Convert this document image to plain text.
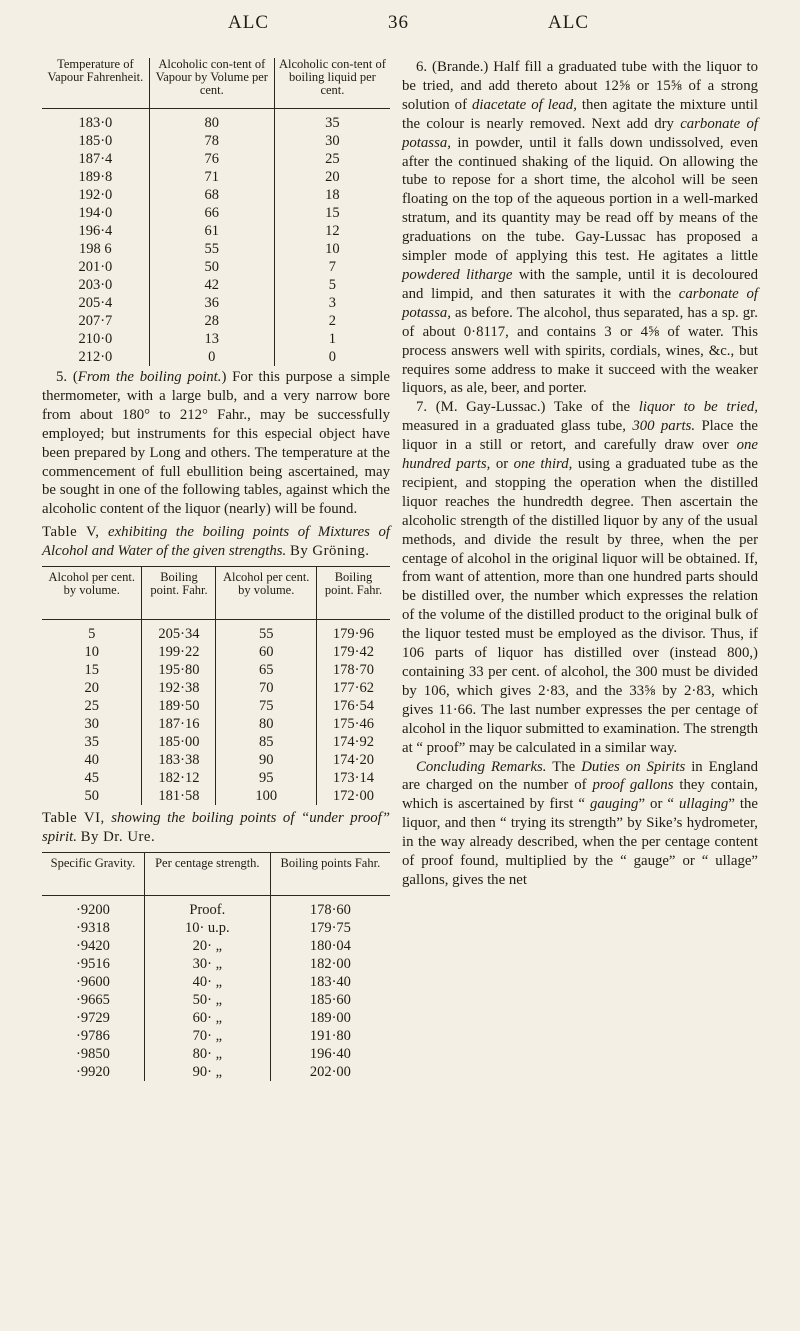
ALC	36	ALC
Temperature of Vapour Fahrenheit.	Alcoholic con-tent of Vapour by Volume per cent.	Alcoholic con-tent of boiling liquid per cent.
183·0	80	35
185·0	78	30
187·4	76	25
189·8	71	20
192·0	68	18
194·0	66	15
196·4	61	12
198 6	55	10
201·0	50	7
203·0	42	5
205·4	36	3
207·7	28	2
210·0	13	1
212·0	0	0

5. (From the boiling point.) For this purpose a simple thermometer, with a large bulb, and a very narrow bore from about 180° to 212° Fahr., may be successfully employed; but instruments for this especial object have been prepared by Long and others. The temperature at the commencement of full ebullition being ascertained, may be sought in one of the following tables, against which the alcoholic content of the liquor (nearly) will be found.

Table V, exhibiting the boiling points of Mixtures of Alcohol and Water of the given strengths. By Gröning.

Alcohol per cent. by volume.	Boiling point. Fahr.	Alcohol per cent. by volume.	Boiling point. Fahr.
5	205·34	55	179·96
10	199·22	60	179·42
15	195·80	65	178·70
20	192·38	70	177·62
25	189·50	75	176·54
30	187·16	80	175·46
35	185·00	85	174·92
40	183·38	90	174·20
45	182·12	95	173·14
50	181·58	100	172·00

Table VI, showing the boiling points of “under proof” spirit. By Dr. Ure.

Specific Gravity.	Per centage strength.	Boiling points Fahr.
·9200	Proof.	178·60
·9318	10· u.p.	179·75
·9420	20· „	180·04
·9516	30· „	182·00
·9600	40· „	183·40
·9665	50· „	185·60
·9729	60· „	189·00
·9786	70· „	191·80
·9850	80· „	196·40
·9920	90· „	202·00

6. (Brande.) Half fill a graduated tube with the liquor to be tried, and add thereto about 12⅝ or 15⅝ of a strong solution of diacetate of lead, then agitate the mixture until the colour is nearly removed. Next add dry carbonate of potassa, in powder, until it falls down undissolved, even after the continued shaking of the liquid. On allowing the tube to repose for a short time, the alcohol will be seen floating on the top of the aqueous portion in a well-marked stratum, and its quantity may be read off by means of the graduations on the tube. Gay-Lussac has proposed a simpler mode of applying this test. He agitates a little powdered litharge with the sample, until it is decoloured and limpid, and then saturates it with the carbonate of potassa, as before. The alcohol, thus separated, has a sp. gr. of about 0·8117, and contains 3 or 4⅝ of water. This process answers well with spirits, cordials, wines, &c., but requires some address to make it succeed with the weaker liquors, as ale, beer, and porter.

7. (M. Gay-Lussac.) Take of the liquor to be tried, measured in a graduated glass tube, 300 parts. Place the liquor in a still or retort, and carefully draw over one hundred parts, or one third, using a graduated tube as the recipient, and stopping the operation when the distilled liquor reaches the hundredth degree. Then ascertain the alcoholic strength of the distilled liquor by any of the usual methods, and divide the result by three, when the per centage of alcohol in the original liquor will be obtained. If, from want of attention, more than one hundred parts should be distilled over, the number which expresses the relation of the volume of the distilled product to the original bulk of the liquor tested must be employed as the divisor. Thus, if 106 parts of liquor has distilled over (instead 800,) containing 33 per cent. of alcohol, the 300 must be divided by 106, which gives 2·83, and the 33⅝ by 2·83, which gives 11·66. The last number expresses the per centage of alcohol in the liquor submitted to examination. The strength at “ proof” may be calculated in a similar way.

Concluding Remarks. The Duties on Spirits in England are charged on the number of proof gallons they contain, which is ascertained by first “ gauging” or “ ullaging” the liquor, and then “ trying its strength” by Sike’s hydrometer, in the way already described, when the per centage content of proof found, multiplied by the “ gauge” or “ ullage” gallons, gives the net
